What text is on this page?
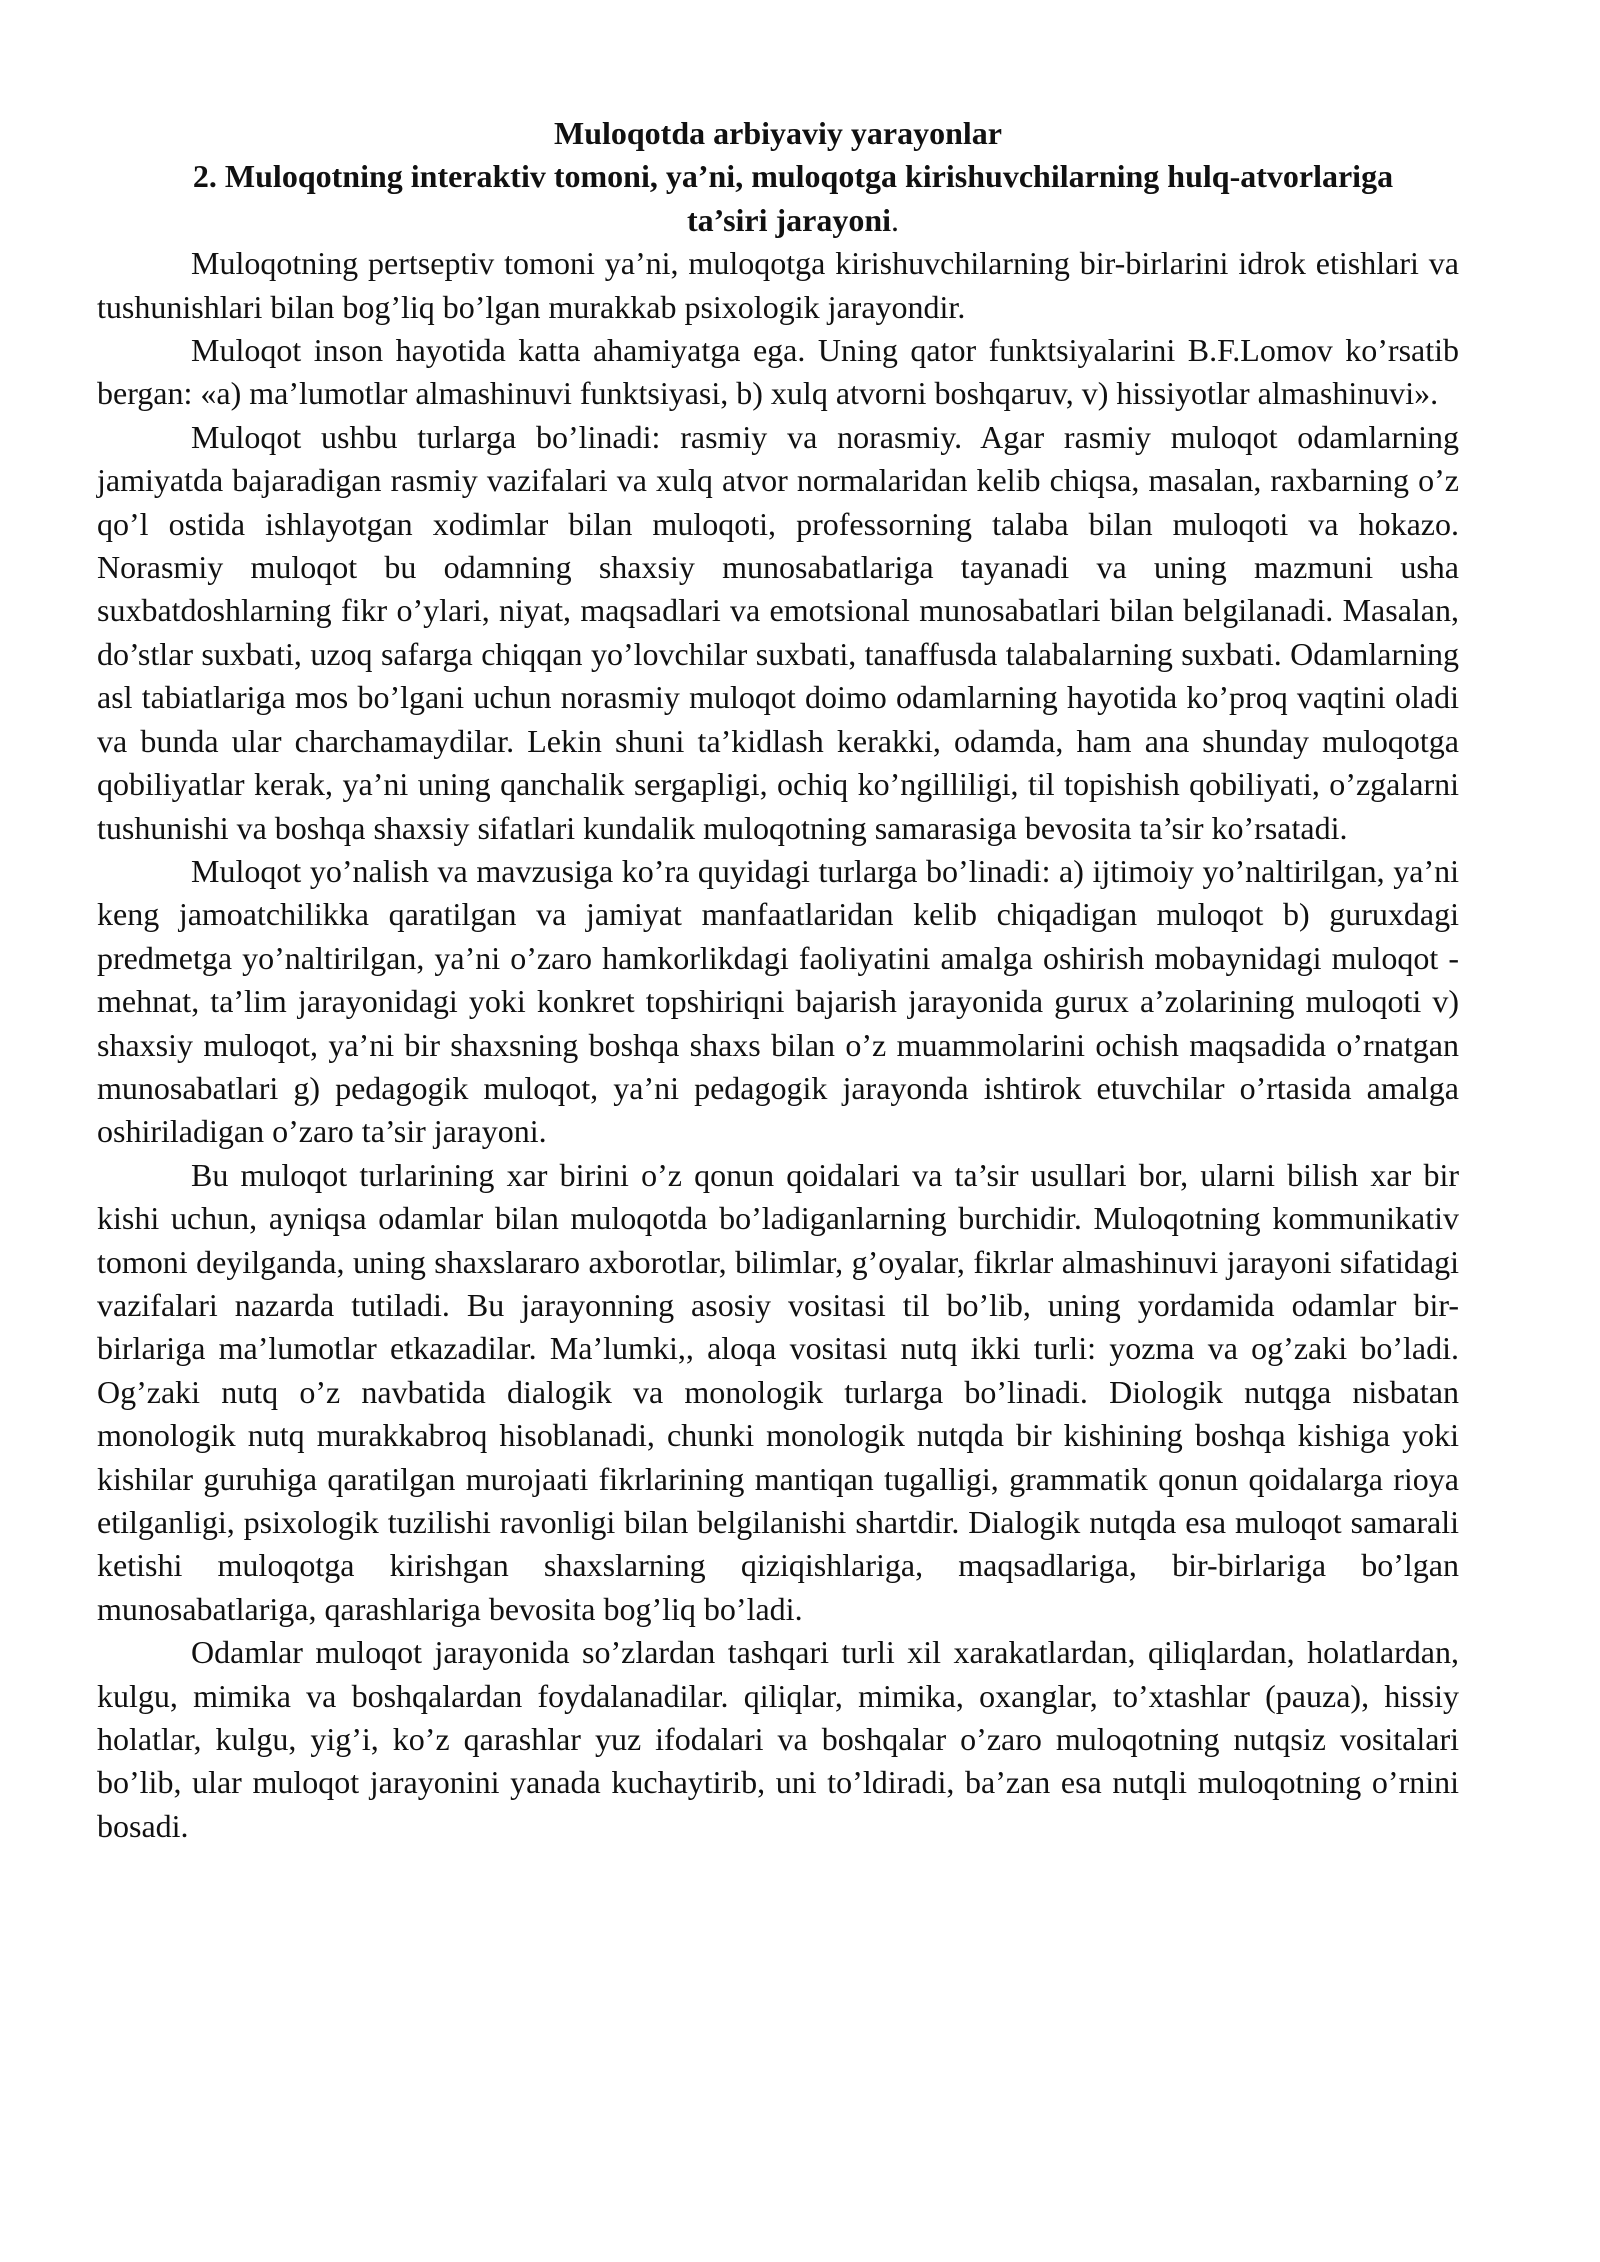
Muloqotda arbiyaviy yarayonlar

2. Muloqotning interaktiv tomoni, ya’ni, muloqotga kirishuvchilarning hulq-atvorlariga ta’siri jarayoni.

Muloqotning pertseptiv tomoni ya’ni, muloqotga kirishuvchilarning bir-birlarini idrok etishlari va tushunishlari bilan bog’liq bo’lgan murakkab psixologik jarayondir.

Muloqot inson hayotida katta ahamiyatga ega. Uning qator funktsiyalarini B.F.Lomov ko’rsatib bergan: «a) ma’lumotlar almashinuvi funktsiyasi, b) xulq atvorni boshqaruv, v) hissiyotlar almashinuvi».

Muloqot ushbu turlarga bo’linadi: rasmiy va norasmiy. Agar rasmiy muloqot odamlarning jamiyatda bajaradigan rasmiy vazifalari va xulq atvor normalaridan kelib chiqsa, masalan, raxbarning o’z qo’l ostida ishlayotgan xodimlar bilan muloqoti, professorning talaba bilan muloqoti va hokazo. Norasmiy muloqot bu odamning shaxsiy munosabatlariga tayanadi va uning mazmuni usha suxbatdoshlarning fikr o’ylari, niyat, maqsadlari va emotsional munosabatlari bilan belgilanadi. Masalan, do’stlar suxbati, uzoq safarga chiqqan yo’lovchilar suxbati, tanaffusda talabalarning suxbati. Odamlarning asl tabiatlariga mos bo’lgani uchun norasmiy muloqot doimo odamlarning hayotida ko’proq vaqtini oladi va bunda ular charchamaydilar. Lekin shuni ta’kidlash kerakki, odamda, ham ana shunday muloqotga qobiliyatlar kerak, ya’ni uning qanchalik sergapligi, ochiq ko’ngilliligi, til topishish qobiliyati, o’zgalarni tushunishi va boshqa shaxsiy sifatlari kundalik muloqotning samarasiga bevosita ta’sir ko’rsatadi.

Muloqot yo’nalish va mavzusiga ko’ra quyidagi turlarga bo’linadi: a) ijtimoiy yo’naltirilgan, ya’ni keng jamoatchilikka qaratilgan va jamiyat manfaatlaridan kelib chiqadigan muloqot b) guruxdagi predmetga yo’naltirilgan, ya’ni o’zaro hamkorlikdagi faoliyatini amalga oshirish mobaynidagi muloqot - mehnat, ta’lim jarayonidagi yoki konkret topshiriqni bajarish jarayonida gurux a’zolarining muloqoti v) shaxsiy muloqot, ya’ni bir shaxsning boshqa shaxs bilan o’z muammolarini ochish maqsadida o’rnatgan munosabatlari g) pedagogik muloqot, ya’ni pedagogik jarayonda ishtirok etuvchilar o’rtasida amalga oshiriladigan o’zaro ta’sir jarayoni.

Bu muloqot turlarining xar birini o’z qonun qoidalari va ta’sir usullari bor, ularni bilish xar bir kishi uchun, ayniqsa odamlar bilan muloqotda bo’ladiganlarning burchidir. Muloqotning kommunikativ tomoni deyilganda, uning shaxslararo axborotlar, bilimlar, g’oyalar, fikrlar almashinuvi jarayoni sifatidagi vazifalari nazarda tutiladi. Bu jarayonning asosiy vositasi til bo’lib, uning yordamida odamlar bir-birlariga ma’lumotlar etkazadilar. Ma’lumki,, aloqa vositasi nutq ikki turli: yozma va og’zaki bo’ladi. Og’zaki nutq o’z navbatida dialogik va monologik turlarga bo’linadi. Diologik nutqga nisbatan monologik nutq murakkabroq hisoblanadi, chunki monologik nutqda bir kishining boshqa kishiga yoki kishilar guruhiga qaratilgan murojaati fikrlarining mantiqan tugalligi, grammatik qonun qoidalarga rioya etilganligi, psixologik tuzilishi ravonligi bilan belgilanishi shartdir. Dialogik nutqda esa muloqot samarali ketishi muloqotga kirishgan shaxslarning qiziqishlariga, maqsadlariga, bir-birlariga bo’lgan munosabatlariga, qarashlariga bevosita bog’liq bo’ladi.

Odamlar muloqot jarayonida so’zlardan tashqari turli xil xarakatlardan, qiliqlardan, holatlardan, kulgu, mimika va boshqalardan foydalanadilar. qiliqlar, mimika, oxanglar, to’xtashlar (pauza), hissiy holatlar, kulgu, yig’i, ko’z qarashlar yuz ifodalari va boshqalar o’zaro muloqotning nutqsiz vositalari bo’lib, ular muloqot jarayonini yanada kuchaytirib, uni to’ldiradi, ba’zan esa nutqli muloqotning o’rnini bosadi.
